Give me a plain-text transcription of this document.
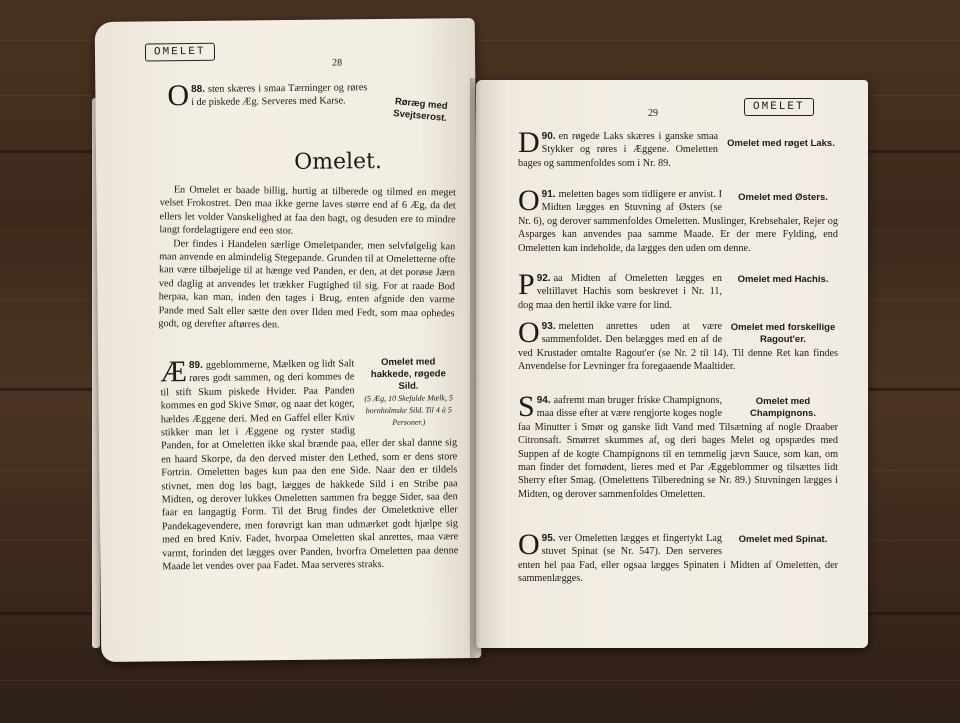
OMELET
28
88.
O sten skæres i smaa Tærninger og røres i de piskede Æg. Serveres med Karse.	Røræg med Svejtserost.
Omelet.

En Omelet er baade billig, hurtig at tilberede og tilmed en meget velset Frokostret. Den maa ikke gerne laves større end af 6 Æg, da det ellers let volder Vanskelighed at faa den bagt, og desuden ere to mindre langt fordelagtigere end een stor.

Der findes i Handelen særlige Omeletpander, men selvfølgelig kan man anvende en almindelig Stegepande. Grunden til at Omeletterne ofte kan være tilbøjelige til at hænge ved Panden, er den, at det porøse Jærn ved daglig at anvendes let trækker Fugtighed til sig. For at raade Bod herpaa, kan man, inden den tages i Brug, enten afgnide den varme Pande med Salt eller sætte den over Ilden med Fedt, som maa ophedes godt, og derefter aftørres den.

Omelet med hakkede, røgede Sild.
(5 Æg, 10 Skefulde Mælk, 5 bornholmske Sild. Til 4 à 5 Personer.)
89.
Æ ggeblommerne, Mælken og lidt Salt røres godt sammen, og deri kommes de til stift Skum piskede Hvider. Paa Panden kommes en god Skive Smør, og naar det koger, hældes Æggene deri. Med en Gaffel eller Kniv stikker man let i Æggene og ryster stadig Panden, for at Omeletten ikke skal brænde paa, eller der skal danne sig en haard Skorpe, da den derved mister den Lethed, som er dens store Fortrin. Omeletten bages kun paa den ene Side. Naar den er tildels stivnet, men dog løs bagt, lægges de hakkede Sild i en Stribe paa Midten, og derover lukkes Omeletten sammen fra begge Sider, saa den faar en langagtig Form. Til det Brug findes der Omeletknive eller Pandekagevendere, men forøvrigt kan man udmærket godt hjælpe sig med en bred Kniv. Fadet, hvorpaa Omeletten skal anrettes, maa være varmt, forinden det lægges over Panden, hvorfra Omeletten paa denne Maade let vendes over paa Fadet. Maa serveres straks.
29
OMELET
90.
D en røgede Laks skæres i ganske smaa Stykker og røres i Æggene. Omeletten bages og sammenfoldes som i Nr. 89.
Omelet med røget Laks.
Omelet med Østers.
91.
O meletten bages som tidligere er anvist. I Midten lægges en Stuvning af Østers (se Nr. 6), og derover sammenfoldes Omeletten. Muslinger, Krebsehaler, Rejer og Asparges kan anvendes paa samme Maade. Er der mere Fylding, end Omeletten kan indeholde, da lægges den uden om denne.
Omelet med Hachis.
92.
P aa Midten af Omeletten lægges en veltillavet Hachis som beskrevet i Nr. 11, dog maa den hertil ikke være for lind.
Omelet med forskellige Ragout'er.
93.
O meletten anrettes uden at være sammenfoldet. Den belægges med en af de ved Krustader omtalte Ragout'er (se Nr. 2 til 14). Til denne Ret kan findes Anvendelse for Levninger fra foregaaende Maaltider.
Omelet med Champignons.
94.
S aafremt man bruger friske Champignons, maa disse efter at være rengjorte koges nogle faa Minutter i Smør og ganske lidt Vand med Tilsætning af nogle Draaber Citronsaft. Smørret skummes af, og deri bages Melet og opspædes med Suppen af de kogte Champignons til en temmelig jævn Sauce, som kan, om man finder det fornødent, lieres med et Par Æggeblommer og tilsættes lidt Sherry efter Smag. (Omelettens Tilberedning se Nr. 89.) Stuvningen lægges i Midten, og derover sammenfoldes Omeletten.
Omelet med Spinat.
95.
O ver Omeletten lægges et fingertykt Lag stuvet Spinat (se Nr. 547). Den serveres enten hel paa Fad, eller ogsaa lægges Spinaten i Midten af Omeletten, der sammenlægges.
